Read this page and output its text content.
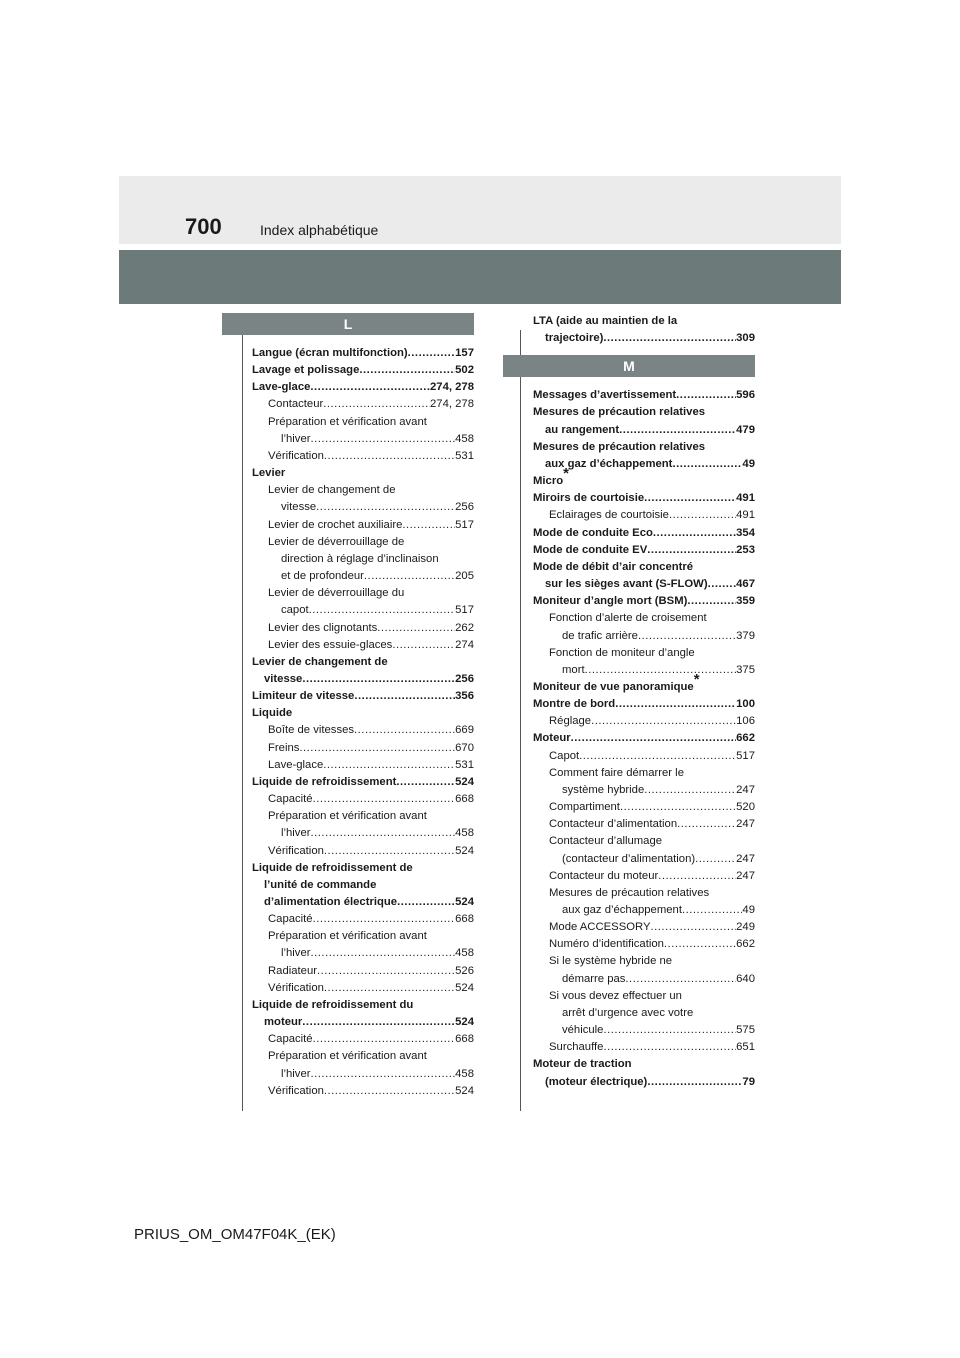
700	Index alphabétique
L
Langue (écran multifonction) .....	157
Lavage et polissage .....	502
Lave-glace .....	274, 278
Contacteur .....	274, 278
Préparation et vérification avant
l’hiver .....	458
Vérification .....	531
Levier
Levier de changement de
vitesse .....	256
Levier de crochet auxiliaire .....	517
Levier de déverrouillage de
direction à réglage d’inclinaison
et de profondeur .....	205
Levier de déverrouillage du
capot .....	517
Levier des clignotants .....	262
Levier des essuie-glaces .....	274
Levier de changement de
vitesse .....	256
Limiteur de vitesse .....	356
Liquide
Boîte de vitesses .....	669
Freins .....	670
Lave-glace .....	531
Liquide de refroidissement .....	524
Capacité .....	668
Préparation et vérification avant
l’hiver .....	458
Vérification .....	524
Liquide de refroidissement de
l’unité de commande
d’alimentation électrique .....	524
Capacité .....	668
Préparation et vérification avant
l’hiver .....	458
Radiateur .....	526
Vérification .....	524
Liquide de refroidissement du
moteur .....	524
Capacité .....	668
Préparation et vérification avant
l’hiver .....	458
Vérification .....	524
LTA (aide au maintien de la
trajectoire) .....	309
M
Messages d’avertissement .....	596
Mesures de précaution relatives
au rangement .....	479
Mesures de précaution relatives
aux gaz d’échappement .....	49
Micro *
Miroirs de courtoisie .....	491
Eclairages de courtoisie .....	491
Mode de conduite Eco .....	354
Mode de conduite EV .....	253
Mode de débit d’air concentré
sur les sièges avant (S-FLOW) .....	467
Moniteur d’angle mort (BSM) .....	359
Fonction d’alerte de croisement
de trafic arrière .....	379
Fonction de moniteur d’angle
mort .....	375
Moniteur de vue panoramique *
Montre de bord .....	100
Réglage .....	106
Moteur .....	662
Capot .....	517
Comment faire démarrer le
système hybride .....	247
Compartiment .....	520
Contacteur d’alimentation .....	247
Contacteur d’allumage
(contacteur d’alimentation) .....	247
Contacteur du moteur .....	247
Mesures de précaution relatives
aux gaz d’échappement .....	49
Mode ACCESSORY .....	249
Numéro d’identification .....	662
Si le système hybride ne
démarre pas .....	640
Si vous devez effectuer un
arrêt d’urgence avec votre
véhicule .....	575
Surchauffe .....	651
Moteur de traction
(moteur électrique) .....	79
PRIUS_OM_OM47F04K_(EK)
